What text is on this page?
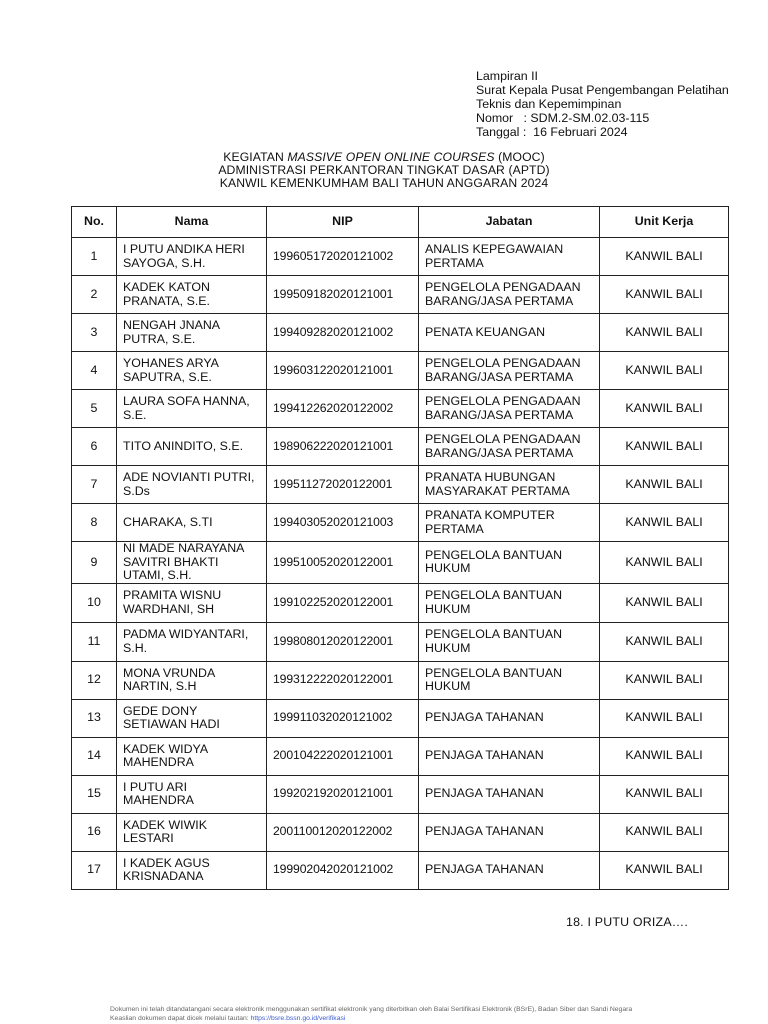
Lampiran II
Surat Kepala Pusat Pengembangan Pelatihan
Teknis dan Kepemimpinan
Nomor   : SDM.2-SM.02.03-115
Tanggal :  16 Februari 2024
KEGIATAN MASSIVE OPEN ONLINE COURSES (MOOC)
ADMINISTRASI PERKANTORAN TINGKAT DASAR (APTD)
KANWIL KEMENKUMHAM BALI TAHUN ANGGARAN 2024
No.	Nama	NIP	Jabatan	Unit Kerja
1	I PUTU ANDIKA HERI SAYOGA, S.H.	199605172020121002	ANALIS KEPEGAWAIAN PERTAMA	KANWIL BALI
2	KADEK KATON PRANATA, S.E.	199509182020121001	PENGELOLA PENGADAAN BARANG/JASA PERTAMA	KANWIL BALI
3	NENGAH JNANA PUTRA, S.E.	199409282020121002	PENATA KEUANGAN	KANWIL BALI
4	YOHANES ARYA SAPUTRA, S.E.	199603122020121001	PENGELOLA PENGADAAN BARANG/JASA PERTAMA	KANWIL BALI
5	LAURA SOFA HANNA, S.E.	199412262020122002	PENGELOLA PENGADAAN BARANG/JASA PERTAMA	KANWIL BALI
6	TITO ANINDITO, S.E.	198906222020121001	PENGELOLA PENGADAAN BARANG/JASA PERTAMA	KANWIL BALI
7	ADE NOVIANTI PUTRI, S.Ds	199511272020122001	PRANATA HUBUNGAN MASYARAKAT PERTAMA	KANWIL BALI
8	CHARAKA, S.TI	199403052020121003	PRANATA KOMPUTER PERTAMA	KANWIL BALI
9	NI MADE NARAYANA SAVITRI BHAKTI UTAMI, S.H.	199510052020122001	PENGELOLA BANTUAN HUKUM	KANWIL BALI
10	PRAMITA WISNU WARDHANI, SH	199102252020122001	PENGELOLA BANTUAN HUKUM	KANWIL BALI
11	PADMA WIDYANTARI, S.H.	199808012020122001	PENGELOLA BANTUAN HUKUM	KANWIL BALI
12	MONA VRUNDA NARTIN, S.H	199312222020122001	PENGELOLA BANTUAN HUKUM	KANWIL BALI
13	GEDE DONY SETIAWAN HADI	199911032020121002	PENJAGA TAHANAN	KANWIL BALI
14	KADEK WIDYA MAHENDRA	200104222020121001	PENJAGA TAHANAN	KANWIL BALI
15	I PUTU ARI MAHENDRA	199202192020121001	PENJAGA TAHANAN	KANWIL BALI
16	KADEK WIWIK LESTARI	200110012020122002	PENJAGA TAHANAN	KANWIL BALI
17	I KADEK AGUS KRISNADANA	199902042020121002	PENJAGA TAHANAN	KANWIL BALI
18. I PUTU ORIZA….
Dokumen ini telah ditandatangani secara elektronik menggunakan sertifikat elektronik yang diterbitkan oleh Balai Sertifikasi Elektronik (BSrE), Badan Siber dan Sandi Negara
Keaslian dokumen dapat dicek melalui tautan: https://bsre.bssn.go.id/verifikasi
